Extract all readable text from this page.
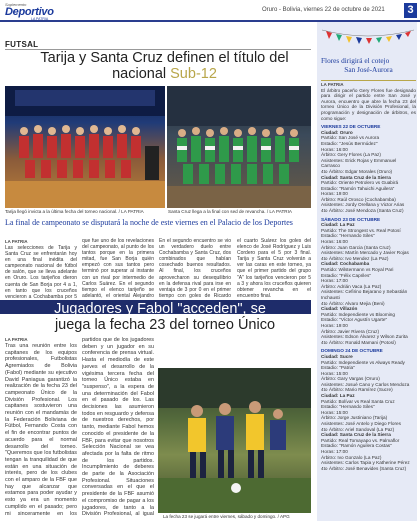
Suplemento
Deportivo
LA PATRIA
Oruro - Bolivia, viernes 22 de octubre de 2021	3
FUTSAL
Tarija y Santa Cruz definen el título del nacional Sub-12
Tarija llegó invicta a la última fecha del torneo nacional. / LA PATRIA	Santa Cruz llega a la final con sed de revancha. / LA PATRIA
La final de campeonato se disputará la noche de este viernes en el Palacio de los Deportes
LA PATRIA
Las selecciones de Tarija y Santa Cruz se enfrentarán hoy en una final inédita del campeonato nacional de fútbol de salón, que se lleva adelante en Oruro. Los tarijeños dieron cuenta de San Borja por 4 a 1, en tanto que los cruceños vencieron a Cochabamba por 5
que fue uno de los revelaciones del campeonato, al punto de los tantos porque en la primera mitad, fue San Borja quién empezó con sus tantos pero terminó por superar al instante con un rival por intermedio de Carlos Suárez. En el segundo tiempo el elenco tarijeño se adelantó, el oriental Alejandro
En el segundo encuentro se vio un verdadero duelo entre Cochabamba y Santa Cruz, dos combinados que habían cosechado buenos resultados. Al final, los cruceños aprovecharon su desequilibrio en la defensa rival para irse en ventaja de 3 por 0 en el primer tiempo con goles de Ricardo
el cuarto Suárez los goles del elenco de José Rodríguez y Luis Cordero para el 5 por 3 final. Tarija y Santa Cruz volverán a ver las caras en este torneo, ya que el primer partido del grupo "A" los tarijeños vencieron por 5 a 3 y ahora los cruceños quieren obtener revancha en el encuentro final.
Jugadores y Fabol "acceden", se
juega la fecha 23 del torneo Único
LA PATRIA
Tras una reunión entre los capitanes de los equipos profesionales, Futbolistas Agremiados de Bolivia (Fabol) mediante su ejecutivo David Paniagua garantizó la realización de la fecha 23 del campeonato Único de la División Profesional. Los capitanes sostuvieron una reunión con el mandamás de la Federación Boliviana de Fútbol, Fernando Costa con el fin de encontrar puntos de acuerdo para el normal desarrollo del torneo. "Queremos que los futbolistas tengan la tranquilidad de que están en una situación de interés, pero de los clubes con el amparo de la FBF que hay que alcanzar que estamos para poder ayudar y esto ya era un momento cumplido en el pasado; pero mi sinceramente en los
partidos que de los jugadores deben y un jugador en su conferencia de prensa virtual. Hasta el mediodía de este jueves el desarrollo de la vigésima tercera fecha del torneo Único estaba en "suspenso", a la espera de una determinación del Fabol en el pasado de los. Las decisiones las asumieron todos en resguardo y defensa de nuestros derechos, por tanto, mediante Fabol hemos conocido el presidente de la FBF, para evitar que nosotros Selección Nacional se vea afectada por la falta de ritmo de los partidos. Incumplimiento de deberes de parte de la Asociación Profesional. Situaciones conversadas en el que el presidente de la FBF asumió el compromiso de pagar a los jugadores, de tanto a la División Profesional, al igual La fecha 23 se jugará entre viernes, sábado y domingo. / APG
Flores dirigirá el cotejo
San José-Aurora
LA PATRIA
El árbitro paceño Gery Flores fue designado para dirigir el partido entre San José y Aurora, encuentro que abre la fecha 23 del torneo Único de la División Profesional, la programación y designación de árbitros, es como sigue:
VIERNES 22 DE OCTUBRE
Ciudad: Oruro
Partido: San José vs Aurora
Estadio: "Jesús Bermúdez"
Horas: 16:00
Árbitro: Gery Flores (La Paz)
Asistentes: Erick Rojas y Emmanuel Carrasco
4to Árbitro: Edgar Morales (Oruro)
Ciudad: Santa Cruz de la Sierra
Partido: Oriente Petrolero vs Guabirá
Estadio: "Ramón Tahuichi Aguilera"
Horas: 19:00
Árbitro: Raúl Orosco (Cochabamba)
Asistentes: Jordy Orellana y Victor Arias
4to Árbitro: José Mendoza (Santa Cruz)
SÁBADO 23 DE OCTUBRE
Ciudad: La Paz
Partido: The Strongest vs. Real Potosí
Estadio: "Hernando Siles"
Horas: 16:00
Árbitro: Juan Garcia (Santa Cruz)
Asistentes: Martín Mercado y Javier Rojas
4to Árbitro: Ivo Mendez (La Paz)
Ciudad: Cochabamba
Partido: Wilstermann vs Royal Pari
Estadio: "Félix Capriles"
Horas: 17:00
Árbitro: Adrián Vaca (La Paz)
Asistentes: Cefirino Bejarano y Sebastián Inchausti
4to Árbitro: Alvaro Mejia (Beni)
Ciudad: Villazón
Partido: Independiente vs Blooming
Estadio: "Víctor Agustín Ugarte"
Horas: 19:00
Árbitro: Javier Rivera (Cruz)
Asistentes: Edson Álvarez y Wilson Zurita
4to Árbitro: Ronald Mamani (Potosí)
DOMINGO 24 DE OCTUBRE
Ciudad: Sucre
Partido: Independiente vs Always Ready
Estadio: "Patria"
Horas: 15:00
Árbitro: Gary Vargas (Oruro)
Asistentes: Josué Cano y Carlos Mendoza
4to Árbitro: Mario Ramírez (Sucre)
Ciudad: La Paz
Partido: Bolívar vs Real Santa Cruz
Estadio: "Hernando Siles"
Horas: 15:00
Árbitro: Jorge Justiniano (Tarija)
Asistentes: José Antelo y Diego Flores
4to Árbitro: Ariel Sandoval (La Paz)
Ciudad: Santa Cruz de la Sierra
Partido: Real Tomayapo vs. Palmaflor
Estadio: "Ramón Aguilera Costas"
Horas: 17:00
Árbitro: Ivo Gonzalo (La Paz)
Asistentes: Carlos Tapia y Katherine Pérez
4to Árbitro: José Benavides (Santa Cruz)
